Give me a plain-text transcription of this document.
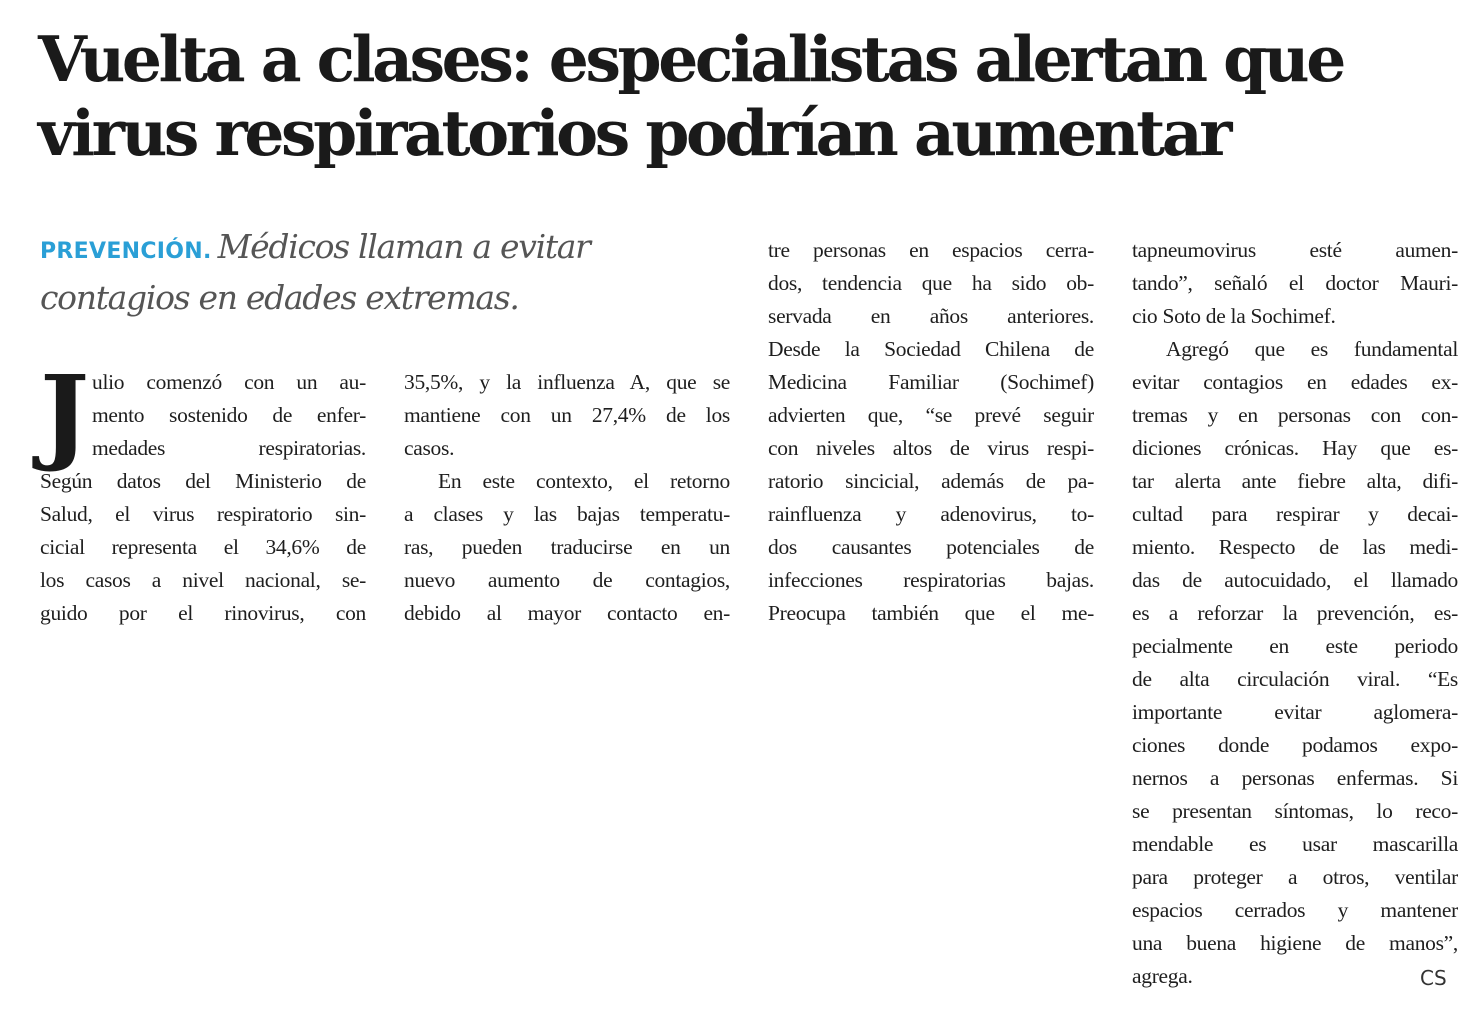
Vuelta a clases: especialistas alertan que
virus respiratorios podrían aumentar
PREVENCIÓN. Médicos llaman a evitar
contagios en edades extremas.
J ulio comenzó con un au-
mento sostenido de enfer-
medades respiratorias.
Según datos del Ministerio de
Salud, el virus respiratorio sin-
cicial representa el 34,6% de
los casos a nivel nacional, se-
guido por el rinovirus, con
35,5%, y la influenza A, que se
mantiene con un 27,4% de los
casos.
En este contexto, el retorno
a clases y las bajas temperatu-
ras, pueden traducirse en un
nuevo aumento de contagios,
debido al mayor contacto en-
tre personas en espacios cerra-
dos, tendencia que ha sido ob-
servada en años anteriores.
Desde la Sociedad Chilena de
Medicina Familiar (Sochimef)
advierten que, “se prevé seguir
con niveles altos de virus respi-
ratorio sincicial, además de pa-
rainfluenza y adenovirus, to-
dos causantes potenciales de
infecciones respiratorias bajas.
Preocupa también que el me-
tapneumovirus esté aumen-
tando”, señaló el doctor Mauri-
cio Soto de la Sochimef.
Agregó que es fundamental
evitar contagios en edades ex-
tremas y en personas con con-
diciones crónicas. Hay que es-
tar alerta ante fiebre alta, difi-
cultad para respirar y decai-
miento. Respecto de las medi-
das de autocuidado, el llamado
es a reforzar la prevención, es-
pecialmente en este periodo
de alta circulación viral. “Es
importante evitar aglomera-
ciones donde podamos expo-
nernos a personas enfermas. Si
se presentan síntomas, lo reco-
mendable es usar mascarilla
para proteger a otros, ventilar
espacios cerrados y mantener
una buena higiene de manos”,
agrega.	CS
